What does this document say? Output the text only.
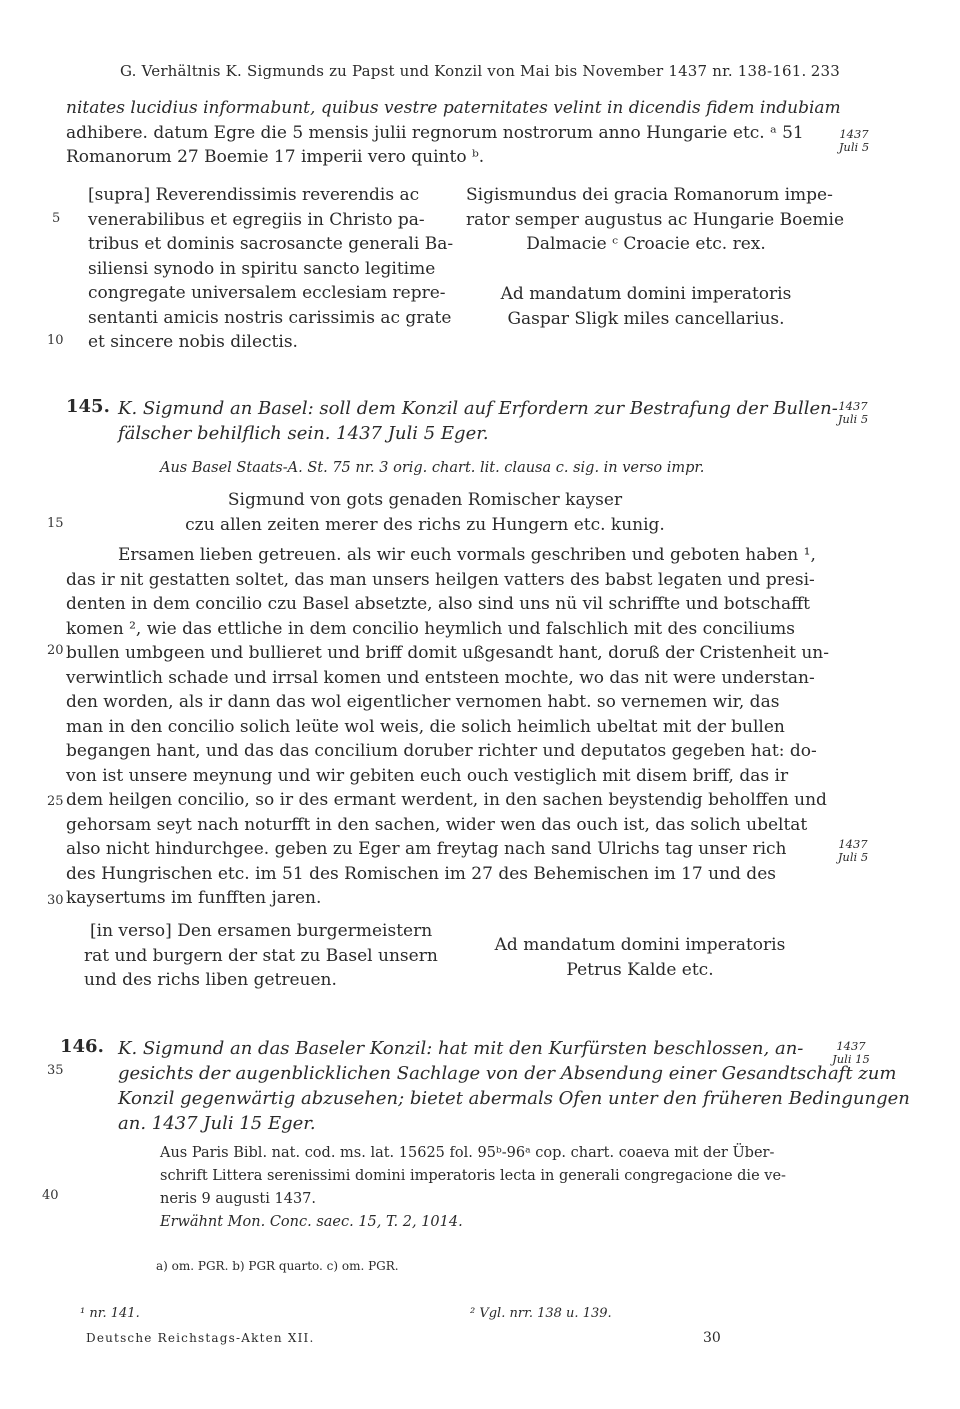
G. Verhältnis K. Sigmunds zu Papst und Konzil von Mai bis November 1437 nr. 138-161. 233
nitates lucidius informabunt, quibus vestre paternitates velint in dicendis fidem indubiam
adhibere. datum Egre die 5 mensis julii regnorum nostrorum anno Hungarie etc. ᵃ 51
Romanorum 27 Boemie 17 imperii vero quinto ᵇ.
1437
Juli 5
[supra] Reverendissimis reverendis ac
venerabilibus et egregiis in Christo pa-
tribus et dominis sacrosancte generali Ba-
siliensi synodo in spiritu sancto legitime
congregate universalem ecclesiam repre-
sentanti amicis nostris carissimis ac grate
et sincere nobis dilectis.
Sigismundus dei gracia Romanorum impe-
rator semper augustus ac Hungarie Boemie
Dalmacie ᶜ Croacie etc. rex.
Ad mandatum domini imperatoris
Gaspar Sligk miles cancellarius.
5
10
15
20
25
30
35
40
145. K. Sigmund an Basel: soll dem Konzil auf Erfordern zur Bestrafung der Bullen-
fälscher behilflich sein. 1437 Juli 5 Eger.
1437
Juli 5
Aus Basel Staats-A. St. 75 nr. 3 orig. chart. lit. clausa c. sig. in verso impr.
Sigmund von gots genaden Romischer kayser
czu allen zeiten merer des richs zu Hungern etc. kunig.
Ersamen lieben getreuen. als wir euch vormals geschriben und geboten haben ¹,
das ir nit gestatten soltet, das man unsers heilgen vatters des babst legaten und presi-
denten in dem concilio czu Basel absetzte, also sind uns nü vil schriffte und botschafft
komen ², wie das ettliche in dem concilio heymlich und falschlich mit des conciliums
bullen umbgeen und bullieret und briff domit ußgesandt hant, doruß der Cristenheit un-
verwintlich schade und irrsal komen und entsteen mochte, wo das nit were understan-
den worden, als ir dann das wol eigentlicher vernomen habt. so vernemen wir, das
man in den concilio solich leüte wol weis, die solich heimlich ubeltat mit der bullen
begangen hant, und das das concilium doruber richter und deputatos gegeben hat: do-
von ist unsere meynung und wir gebiten euch ouch vestiglich mit disem briff, das ir
dem heilgen concilio, so ir des ermant werdent, in den sachen beystendig beholffen und
gehorsam seyt nach noturfft in den sachen, wider wen das ouch ist, das solich ubeltat
also nicht hindurchgee. geben zu Eger am freytag nach sand Ulrichs tag unser rich
des Hungrischen etc. im 51 des Romischen im 27 des Behemischen im 17 und des
kaysertums im funfften jaren.
1437
Juli 5
[in verso] Den ersamen burgermeistern
rat und burgern der stat zu Basel unsern
und des richs liben getreuen.
Ad mandatum domini imperatoris
Petrus Kalde etc.
146. K. Sigmund an das Baseler Konzil: hat mit den Kurfürsten beschlossen, an-
gesichts der augenblicklichen Sachlage von der Absendung einer Gesandtschaft zum
Konzil gegenwärtig abzusehen; bietet abermals Ofen unter den früheren Bedingungen
an. 1437 Juli 15 Eger.
1437
Juli 15
Aus Paris Bibl. nat. cod. ms. lat. 15625 fol. 95ᵇ-96ᵃ cop. chart. coaeva mit der Über-
schrift Littera serenissimi domini imperatoris lecta in generali congregacione die ve-
neris 9 augusti 1437.
Erwähnt Mon. Conc. saec. 15, T. 2, 1014.
a) om. PGR. b) PGR quarto. c) om. PGR.
¹ nr. 141.	² Vgl. nrr. 138 u. 139.
Deutsche Reichstags-Akten XII.	30
